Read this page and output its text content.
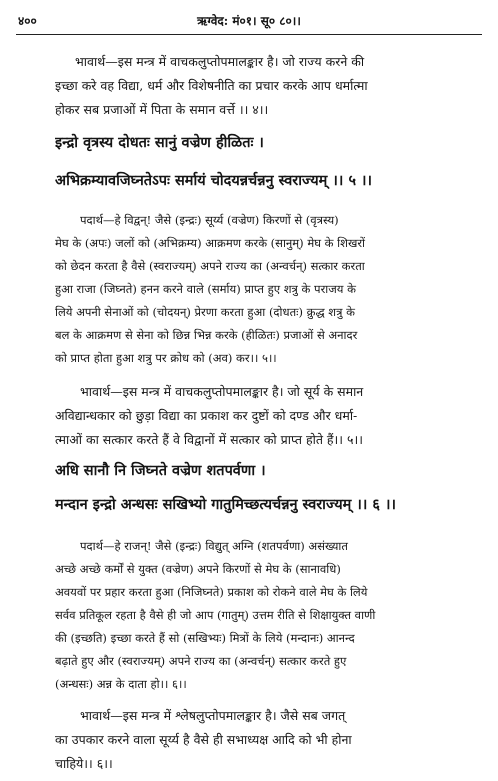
४००	ऋग्वेद: मं०१। सू० ८०।।
भावार्थ—इस मन्त्र में वाचकलुप्तोपमालङ्कार है। जो राज्य करने की
इच्छा करे वह विद्या, धर्म और विशेषनीति का प्रचार करके आप धर्मात्मा
होकर सब प्रजाओं में पिता के समान वर्त्ते ।। ४।।
इन्द्रो वृत्रस्य दोधतः सानुं वज्रेण हीळितः ।
अभिक्रम्यावजिघ्नतेऽपः सर्मायं चोदयन्नर्चन्ननु स्वराज्यम् ।। ५ ।।
पदार्थ—हे विद्वन्! जैसे (इन्द्रः) सूर्य्य (वज्रेण) किरणों से (वृत्रस्य)
मेघ के (अपः) जलों को (अभिक्रम्य) आक्रमण करके (सानुम्) मेघ के शिखरों
को छेदन करता है वैसे (स्वराज्यम्) अपने राज्य का (अन्वर्चन्) सत्कार करता
हुआ राजा (जिघ्नते) हनन करने वाले (सर्माय) प्राप्त हुए शत्रु के पराजय के
लिये अपनी सेनाओं को (चोदयन्) प्रेरणा करता हुआ (दोधतः) क्रुद्ध शत्रु के
बल के आक्रमण से सेना को छिन्न भिन्न करके (हीळितः) प्रजाओं से अनादर
को प्राप्त होता हुआ शत्रु पर क्रोध को (अव) कर।। ५।।
भावार्थ—इस मन्त्र में वाचकलुप्तोपमालङ्कार है। जो सूर्य के समान
अविद्यान्धकार को छुड़ा विद्या का प्रकाश कर दुष्टों को दण्ड और धर्मा-
त्माओं का सत्कार करते हैं वे विद्वानों में सत्कार को प्राप्त होते हैं।। ५।।
अधि सानौ नि जिघ्नते वज्रेण शतपर्वणा ।
मन्दान इन्द्रो अन्धसः सखिभ्यो गातुमिच्छत्यर्चन्ननु स्वराज्यम् ।। ६ ।।
पदार्थ—हे राजन्! जैसे (इन्द्रः) विद्युत् अग्नि (शतपर्वणा) असंख्यात
अच्छे अच्छे कर्मों से युक्त (वज्रेण) अपने किरणों से मेघ के (सानावधि)
अवयवों पर प्रहार करता हुआ (निजिघ्नते) प्रकाश को रोकने वाले मेघ के लिये
सर्वव प्रतिकूल रहता है वैसे ही जो आप (गातुम्) उत्तम रीति से शिक्षायुक्त वाणी
की (इच्छति) इच्छा करते हैं सो (सखिभ्यः) मित्रों के लिये (मन्दानः) आनन्द
बढ़ाते हुए और (स्वराज्यम्) अपने राज्य का (अन्वर्चन्) सत्कार करते हुए
(अन्धसः) अन्न के दाता हो।। ६।।
भावार्थ—इस मन्त्र में श्लेषलुप्तोपमालङ्कार है। जैसे सब जगत्
का उपकार करने वाला सूर्य्य है वैसे ही सभाध्यक्ष आदि को भी होना
चाहिये।। ६।।
